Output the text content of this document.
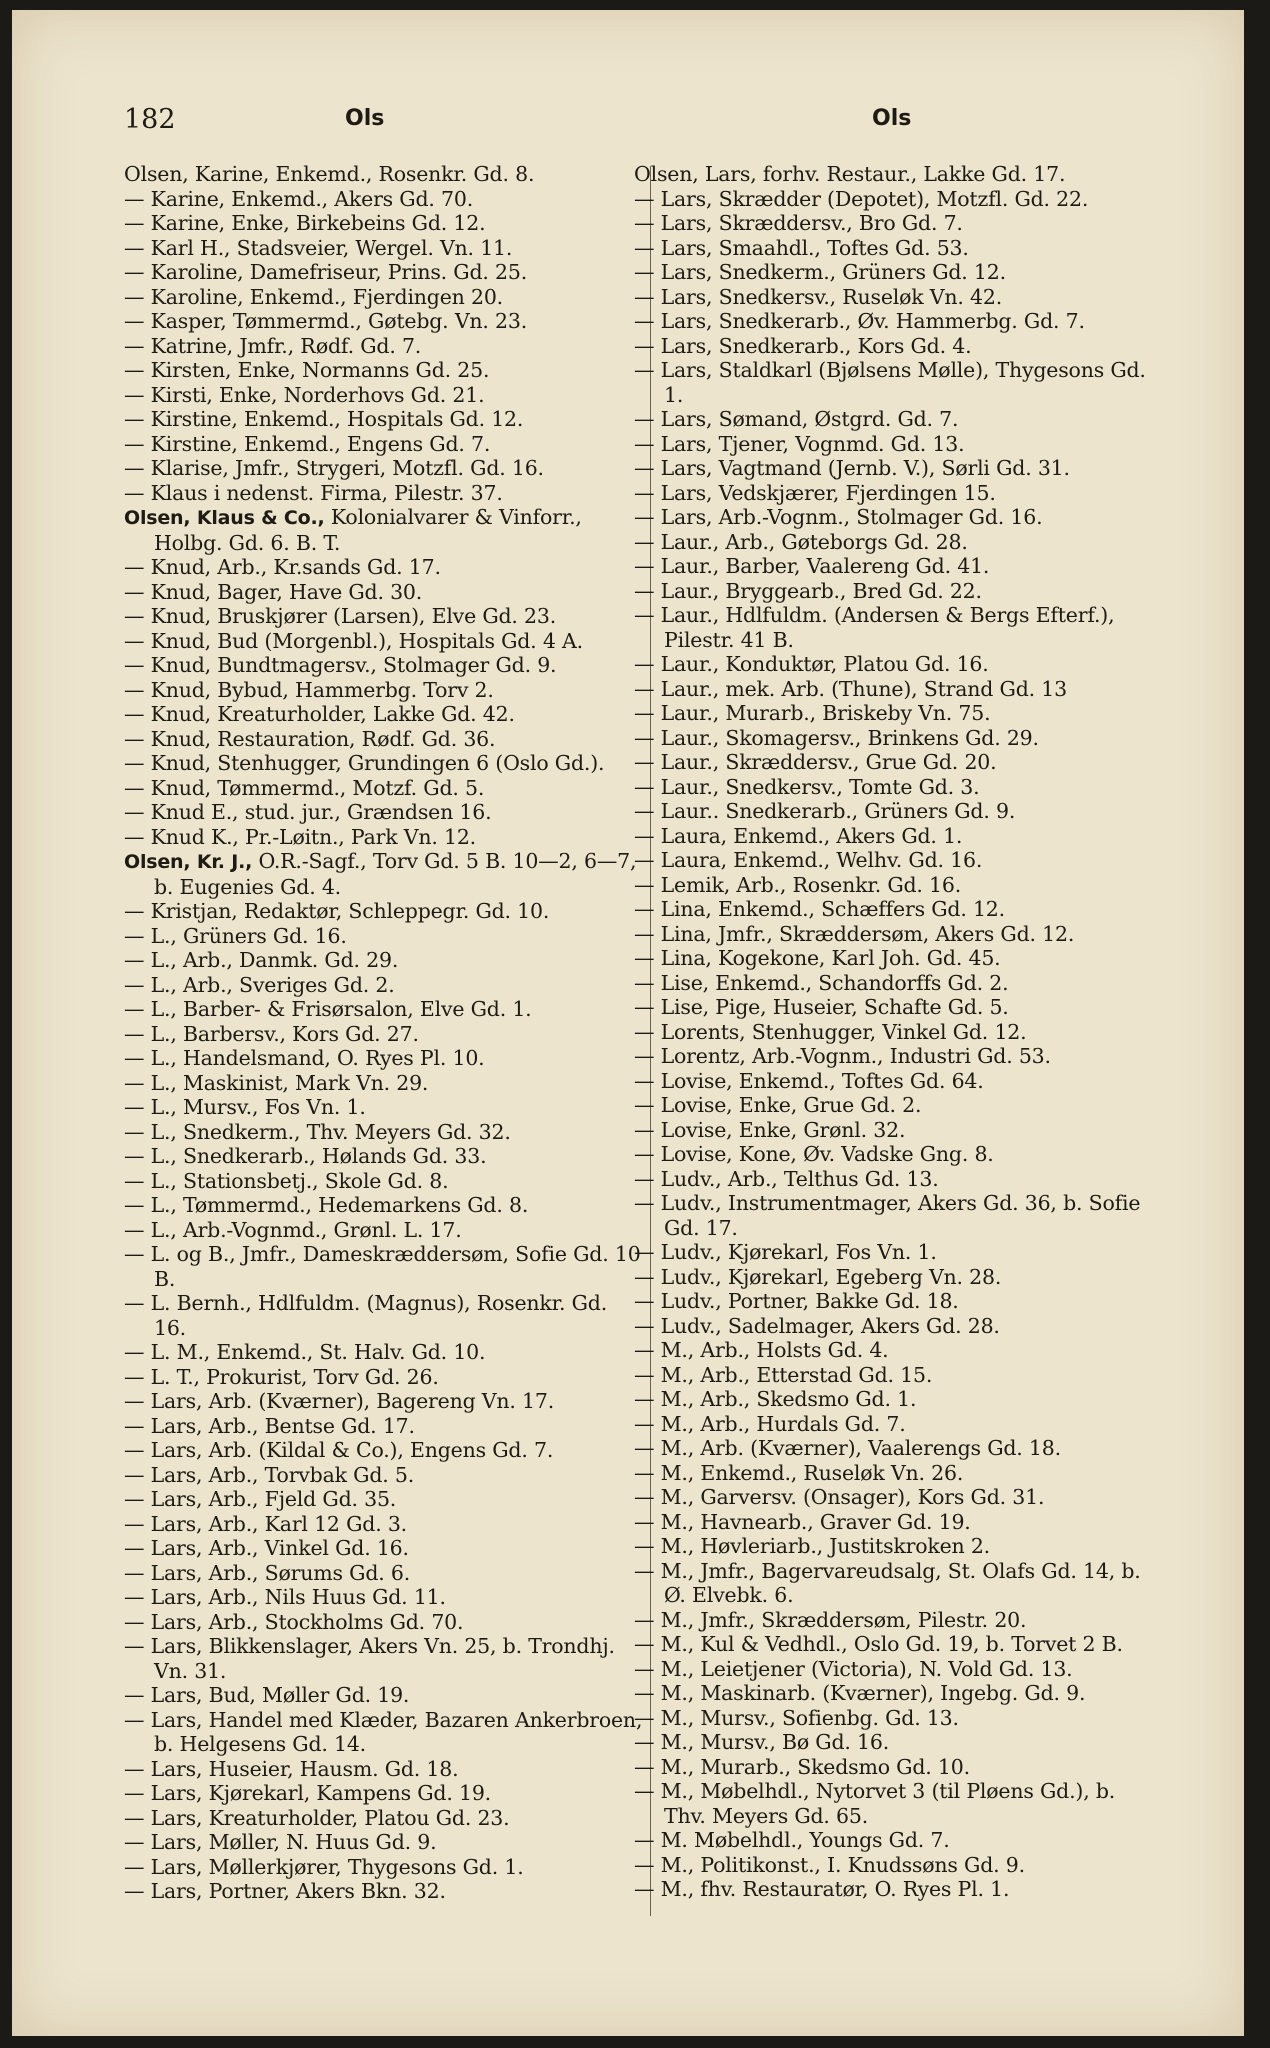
182	Ols	Ols
Olsen, Karine, Enkemd., Rosenkr. Gd. 8.
— Karine, Enkemd., Akers Gd. 70.
— Karine, Enke, Birkebeins Gd. 12.
— Karl H., Stadsveier, Wergel. Vn. 11.
— Karoline, Damefriseur, Prins. Gd. 25.
— Karoline, Enkemd., Fjerdingen 20.
— Kasper, Tømmermd., Gøtebg. Vn. 23.
— Katrine, Jmfr., Rødf. Gd. 7.
— Kirsten, Enke, Normanns Gd. 25.
— Kirsti, Enke, Norderhovs Gd. 21.
— Kirstine, Enkemd., Hospitals Gd. 12.
— Kirstine, Enkemd., Engens Gd. 7.
— Klarise, Jmfr., Strygeri, Motzfl. Gd. 16.
— Klaus i nedenst. Firma, Pilestr. 37.
Olsen, Klaus & Co., Kolonialvarer & Vinforr., Holbg. Gd. 6. B. T.
— Knud, Arb., Kr.sands Gd. 17.
— Knud, Bager, Have Gd. 30.
— Knud, Bruskjører (Larsen), Elve Gd. 23.
— Knud, Bud (Morgenbl.), Hospitals Gd. 4 A.
— Knud, Bundtmagersv., Stolmager Gd. 9.
— Knud, Bybud, Hammerbg. Torv 2.
— Knud, Kreaturholder, Lakke Gd. 42.
— Knud, Restauration, Rødf. Gd. 36.
— Knud, Stenhugger, Grundingen 6 (Oslo Gd.).
— Knud, Tømmermd., Motzf. Gd. 5.
— Knud E., stud. jur., Grændsen 16.
— Knud K., Pr.-Løitn., Park Vn. 12.
Olsen, Kr. J., O.R.-Sagf., Torv Gd. 5 B. 10—2, 6—7, b. Eugenies Gd. 4.
— Kristjan, Redaktør, Schleppegr. Gd. 10.
— L., Grüners Gd. 16.
— L., Arb., Danmk. Gd. 29.
— L., Arb., Sveriges Gd. 2.
— L., Barber- & Frisørsalon, Elve Gd. 1.
— L., Barbersv., Kors Gd. 27.
— L., Handelsmand, O. Ryes Pl. 10.
— L., Maskinist, Mark Vn. 29.
— L., Mursv., Fos Vn. 1.
— L., Snedkerm., Thv. Meyers Gd. 32.
— L., Snedkerarb., Hølands Gd. 33.
— L., Stationsbetj., Skole Gd. 8.
— L., Tømmermd., Hedemarkens Gd. 8.
— L., Arb.-Vognmd., Grønl. L. 17.
— L. og B., Jmfr., Dameskræddersøm, Sofie Gd. 10 B.
— L. Bernh., Hdlfuldm. (Magnus), Rosenkr. Gd. 16.
— L. M., Enkemd., St. Halv. Gd. 10.
— L. T., Prokurist, Torv Gd. 26.
— Lars, Arb. (Kværner), Bagereng Vn. 17.
— Lars, Arb., Bentse Gd. 17.
— Lars, Arb. (Kildal & Co.), Engens Gd. 7.
— Lars, Arb., Torvbak Gd. 5.
— Lars, Arb., Fjeld Gd. 35.
— Lars, Arb., Karl 12 Gd. 3.
— Lars, Arb., Vinkel Gd. 16.
— Lars, Arb., Sørums Gd. 6.
— Lars, Arb., Nils Huus Gd. 11.
— Lars, Arb., Stockholms Gd. 70.
— Lars, Blikkenslager, Akers Vn. 25, b. Trondhj. Vn. 31.
— Lars, Bud, Møller Gd. 19.
— Lars, Handel med Klæder, Bazaren Ankerbroen, b. Helgesens Gd. 14.
— Lars, Huseier, Hausm. Gd. 18.
— Lars, Kjørekarl, Kampens Gd. 19.
— Lars, Kreaturholder, Platou Gd. 23.
— Lars, Møller, N. Huus Gd. 9.
— Lars, Møllerkjører, Thygesons Gd. 1.
— Lars, Portner, Akers Bkn. 32.
Olsen, Lars, forhv. Restaur., Lakke Gd. 17.
— Lars, Skrædder (Depotet), Motzfl. Gd. 22.
— Lars, Skræddersv., Bro Gd. 7.
— Lars, Smaahdl., Toftes Gd. 53.
— Lars, Snedkerm., Grüners Gd. 12.
— Lars, Snedkersv., Ruseløk Vn. 42.
— Lars, Snedkerarb., Øv. Hammerbg. Gd. 7.
— Lars, Snedkerarb., Kors Gd. 4.
— Lars, Staldkarl (Bjølsens Mølle), Thygesons Gd. 1.
— Lars, Sømand, Østgrd. Gd. 7.
— Lars, Tjener, Vognmd. Gd. 13.
— Lars, Vagtmand (Jernb. V.), Sørli Gd. 31.
— Lars, Vedskjærer, Fjerdingen 15.
— Lars, Arb.-Vognm., Stolmager Gd. 16.
— Laur., Arb., Gøteborgs Gd. 28.
— Laur., Barber, Vaalereng Gd. 41.
— Laur., Bryggearb., Bred Gd. 22.
— Laur., Hdlfuldm. (Andersen & Bergs Efterf.), Pilestr. 41 B.
— Laur., Konduktør, Platou Gd. 16.
— Laur., mek. Arb. (Thune), Strand Gd. 13
— Laur., Murarb., Briskeby Vn. 75.
— Laur., Skomagersv., Brinkens Gd. 29.
— Laur., Skræddersv., Grue Gd. 20.
— Laur., Snedkersv., Tomte Gd. 3.
— Laur.. Snedkerarb., Grüners Gd. 9.
— Laura, Enkemd., Akers Gd. 1.
— Laura, Enkemd., Welhv. Gd. 16.
— Lemik, Arb., Rosenkr. Gd. 16.
— Lina, Enkemd., Schæffers Gd. 12.
— Lina, Jmfr., Skræddersøm, Akers Gd. 12.
— Lina, Kogekone, Karl Joh. Gd. 45.
— Lise, Enkemd., Schandorffs Gd. 2.
— Lise, Pige, Huseier, Schafte Gd. 5.
— Lorents, Stenhugger, Vinkel Gd. 12.
— Lorentz, Arb.-Vognm., Industri Gd. 53.
— Lovise, Enkemd., Toftes Gd. 64.
— Lovise, Enke, Grue Gd. 2.
— Lovise, Enke, Grønl. 32.
— Lovise, Kone, Øv. Vadske Gng. 8.
— Ludv., Arb., Telthus Gd. 13.
— Ludv., Instrumentmager, Akers Gd. 36, b. Sofie Gd. 17.
— Ludv., Kjørekarl, Fos Vn. 1.
— Ludv., Kjørekarl, Egeberg Vn. 28.
— Ludv., Portner, Bakke Gd. 18.
— Ludv., Sadelmager, Akers Gd. 28.
— M., Arb., Holsts Gd. 4.
— M., Arb., Etterstad Gd. 15.
— M., Arb., Skedsmo Gd. 1.
— M., Arb., Hurdals Gd. 7.
— M., Arb. (Kværner), Vaalerengs Gd. 18.
— M., Enkemd., Ruseløk Vn. 26.
— M., Garversv. (Onsager), Kors Gd. 31.
— M., Havnearb., Graver Gd. 19.
— M., Høvleriarb., Justitskroken 2.
— M., Jmfr., Bagervareudsalg, St. Olafs Gd. 14, b. Ø. Elvebk. 6.
— M., Jmfr., Skræddersøm, Pilestr. 20.
— M., Kul & Vedhdl., Oslo Gd. 19, b. Torvet 2 B.
— M., Leietjener (Victoria), N. Vold Gd. 13.
— M., Maskinarb. (Kværner), Ingebg. Gd. 9.
— M., Mursv., Sofienbg. Gd. 13.
— M., Mursv., Bø Gd. 16.
— M., Murarb., Skedsmo Gd. 10.
— M., Møbelhdl., Nytorvet 3 (til Pløens Gd.), b. Thv. Meyers Gd. 65.
— M. Møbelhdl., Youngs Gd. 7.
— M., Politikonst., I. Knudssøns Gd. 9.
— M., fhv. Restauratør, O. Ryes Pl. 1.
